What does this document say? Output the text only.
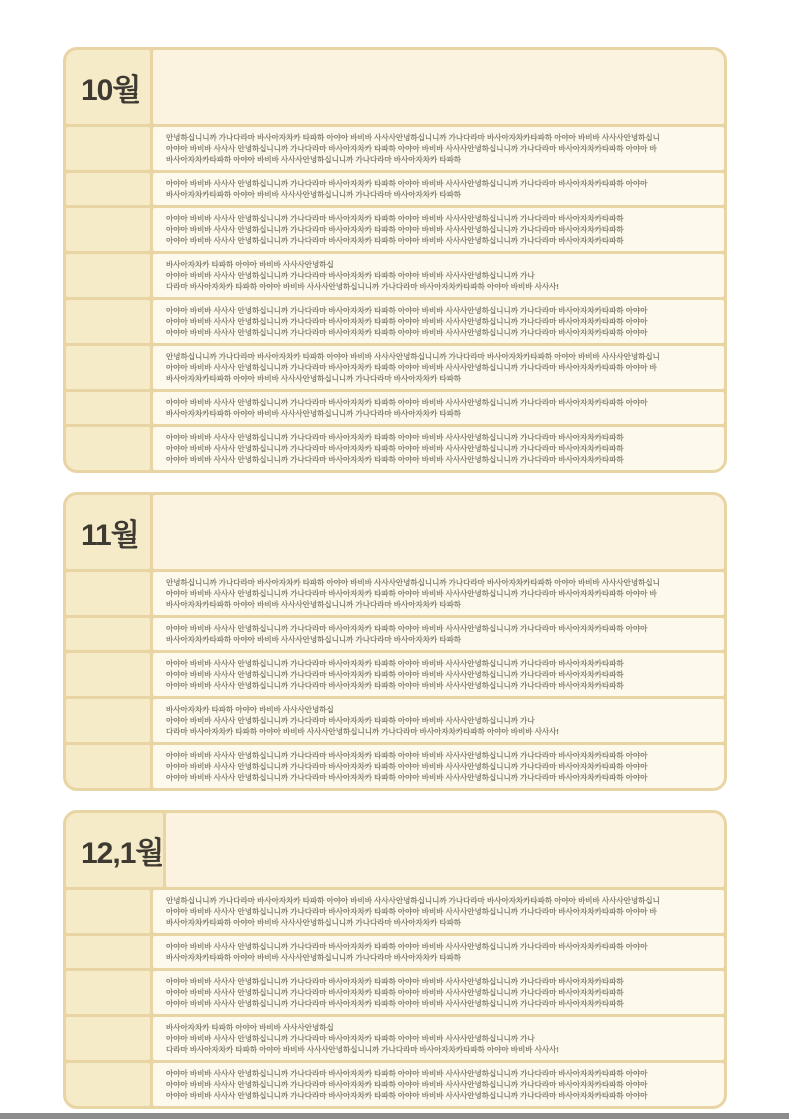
10월
안녕하십니니까 가나다라마 바사아자차카 타파하 아야아 바비바 사사사안녕하십니니까 가나다라마 바사아자차카타파하 아야아 바비바 사사사안녕하십니
아야아 바비바 사사사 안녕하십니니까 가나다라마 바사아자차카 타파하 아야아 바비바 사사사안녕하십니니까 가나다라마 바사아자차카타파하 아야아 바
바사아자차카타파하 아야아 바비바 사사사안녕하십니니까 가나다라마 바사아자차카 타파하
아야아 바비바 사사사 안녕하십니니까 가나다라마 바사아자차카 타파하 아야아 바비바 사사사안녕하십니니까 가나다라마 바사아자차카타파하 아야아
바사아자차카타파하 아야아 바비바 사사사안녕하십니니까 가나다라마 바사아자차카 타파하
아야아 바비바 사사사 안녕하십니니까 가나다라마 바사아자차카 타파하 아야아 바비바 사사사안녕하십니니까 가나다라마 바사아자차카타파하
아야아 바비바 사사사 안녕하십니니까 가나다라마 바사아자차카 타파하 아야아 바비바 사사사안녕하십니니까 가나다라마 바사아자차카타파하
아야아 바비바 사사사 안녕하십니니까 가나다라마 바사아자차카 타파하 아야아 바비바 사사사안녕하십니니까 가나다라마 바사아자차카타파하
바사아자차카 타파하 아야아 바비바 사사사안녕하십
아야아 바비바 사사사 안녕하십니니까 가나다라마 바사아자차카 타파하 아야아 바비바 사사사안녕하십니니까 가나
다라마 바사아자차카 타파하 아야아 바비바 사사사안녕하십니니까 가나다라마 바사아자차카타파하 아야아 바비바 사사사!
아야아 바비바 사사사 안녕하십니니까 가나다라마 바사아자차카 타파하 아야아 바비바 사사사안녕하십니니까 가나다라마 바사아자차카타파하 아야아
아야아 바비바 사사사 안녕하십니니까 가나다라마 바사아자차카 타파하 아야아 바비바 사사사안녕하십니니까 가나다라마 바사아자차카타파하 아야아
아야아 바비바 사사사 안녕하십니니까 가나다라마 바사아자차카 타파하 아야아 바비바 사사사안녕하십니니까 가나다라마 바사아자차카타파하 아야아
안녕하십니니까 가나다라마 바사아자차카 타파하 아야아 바비바 사사사안녕하십니니까 가나다라마 바사아자차카타파하 아야아 바비바 사사사안녕하십니
아야아 바비바 사사사 안녕하십니니까 가나다라마 바사아자차카 타파하 아야아 바비바 사사사안녕하십니니까 가나다라마 바사아자차카타파하 아야아 바
바사아자차카타파하 아야아 바비바 사사사안녕하십니니까 가나다라마 바사아자차카 타파하
아야아 바비바 사사사 안녕하십니니까 가나다라마 바사아자차카 타파하 아야아 바비바 사사사안녕하십니니까 가나다라마 바사아자차카타파하 아야아
바사아자차카타파하 아야아 바비바 사사사안녕하십니니까 가나다라마 바사아자차카 타파하
아야아 바비바 사사사 안녕하십니니까 가나다라마 바사아자차카 타파하 아야아 바비바 사사사안녕하십니니까 가나다라마 바사아자차카타파하
아야아 바비바 사사사 안녕하십니니까 가나다라마 바사아자차카 타파하 아야아 바비바 사사사안녕하십니니까 가나다라마 바사아자차카타파하
아야아 바비바 사사사 안녕하십니니까 가나다라마 바사아자차카 타파하 아야아 바비바 사사사안녕하십니니까 가나다라마 바사아자차카타파하
11월
안녕하십니니까 가나다라마 바사아자차카 타파하 아야아 바비바 사사사안녕하십니니까 가나다라마 바사아자차카타파하 아야아 바비바 사사사안녕하십니
아야아 바비바 사사사 안녕하십니니까 가나다라마 바사아자차카 타파하 아야아 바비바 사사사안녕하십니니까 가나다라마 바사아자차카타파하 아야아 바
바사아자차카타파하 아야아 바비바 사사사안녕하십니니까 가나다라마 바사아자차카 타파하
아야아 바비바 사사사 안녕하십니니까 가나다라마 바사아자차카 타파하 아야아 바비바 사사사안녕하십니니까 가나다라마 바사아자차카타파하 아야아
바사아자차카타파하 아야아 바비바 사사사안녕하십니니까 가나다라마 바사아자차카 타파하
아야아 바비바 사사사 안녕하십니니까 가나다라마 바사아자차카 타파하 아야아 바비바 사사사안녕하십니니까 가나다라마 바사아자차카타파하
아야아 바비바 사사사 안녕하십니니까 가나다라마 바사아자차카 타파하 아야아 바비바 사사사안녕하십니니까 가나다라마 바사아자차카타파하
아야아 바비바 사사사 안녕하십니니까 가나다라마 바사아자차카 타파하 아야아 바비바 사사사안녕하십니니까 가나다라마 바사아자차카타파하
바사아자차카 타파하 아야아 바비바 사사사안녕하십
아야아 바비바 사사사 안녕하십니니까 가나다라마 바사아자차카 타파하 아야아 바비바 사사사안녕하십니니까 가나
다라마 바사아자차카 타파하 아야아 바비바 사사사안녕하십니니까 가나다라마 바사아자차카타파하 아야아 바비바 사사사!
아야아 바비바 사사사 안녕하십니니까 가나다라마 바사아자차카 타파하 아야아 바비바 사사사안녕하십니니까 가나다라마 바사아자차카타파하 아야아
아야아 바비바 사사사 안녕하십니니까 가나다라마 바사아자차카 타파하 아야아 바비바 사사사안녕하십니니까 가나다라마 바사아자차카타파하 아야아
아야아 바비바 사사사 안녕하십니니까 가나다라마 바사아자차카 타파하 아야아 바비바 사사사안녕하십니니까 가나다라마 바사아자차카타파하 아야아
12,1월
안녕하십니니까 가나다라마 바사아자차카 타파하 아야아 바비바 사사사안녕하십니니까 가나다라마 바사아자차카타파하 아야아 바비바 사사사안녕하십니
아야아 바비바 사사사 안녕하십니니까 가나다라마 바사아자차카 타파하 아야아 바비바 사사사안녕하십니니까 가나다라마 바사아자차카타파하 아야아 바
바사아자차카타파하 아야아 바비바 사사사안녕하십니니까 가나다라마 바사아자차카 타파하
아야아 바비바 사사사 안녕하십니니까 가나다라마 바사아자차카 타파하 아야아 바비바 사사사안녕하십니니까 가나다라마 바사아자차카타파하 아야아
바사아자차카타파하 아야아 바비바 사사사안녕하십니니까 가나다라마 바사아자차카 타파하
아야아 바비바 사사사 안녕하십니니까 가나다라마 바사아자차카 타파하 아야아 바비바 사사사안녕하십니니까 가나다라마 바사아자차카타파하
아야아 바비바 사사사 안녕하십니니까 가나다라마 바사아자차카 타파하 아야아 바비바 사사사안녕하십니니까 가나다라마 바사아자차카타파하
아야아 바비바 사사사 안녕하십니니까 가나다라마 바사아자차카 타파하 아야아 바비바 사사사안녕하십니니까 가나다라마 바사아자차카타파하
바사아자차카 타파하 아야아 바비바 사사사안녕하십
아야아 바비바 사사사 안녕하십니니까 가나다라마 바사아자차카 타파하 아야아 바비바 사사사안녕하십니니까 가나
다라마 바사아자차카 타파하 아야아 바비바 사사사안녕하십니니까 가나다라마 바사아자차카타파하 아야아 바비바 사사사!
아야아 바비바 사사사 안녕하십니니까 가나다라마 바사아자차카 타파하 아야아 바비바 사사사안녕하십니니까 가나다라마 바사아자차카타파하 아야아
아야아 바비바 사사사 안녕하십니니까 가나다라마 바사아자차카 타파하 아야아 바비바 사사사안녕하십니니까 가나다라마 바사아자차카타파하 아야아
아야아 바비바 사사사 안녕하십니니까 가나다라마 바사아자차카 타파하 아야아 바비바 사사사안녕하십니니까 가나다라마 바사아자차카타파하 아야아
